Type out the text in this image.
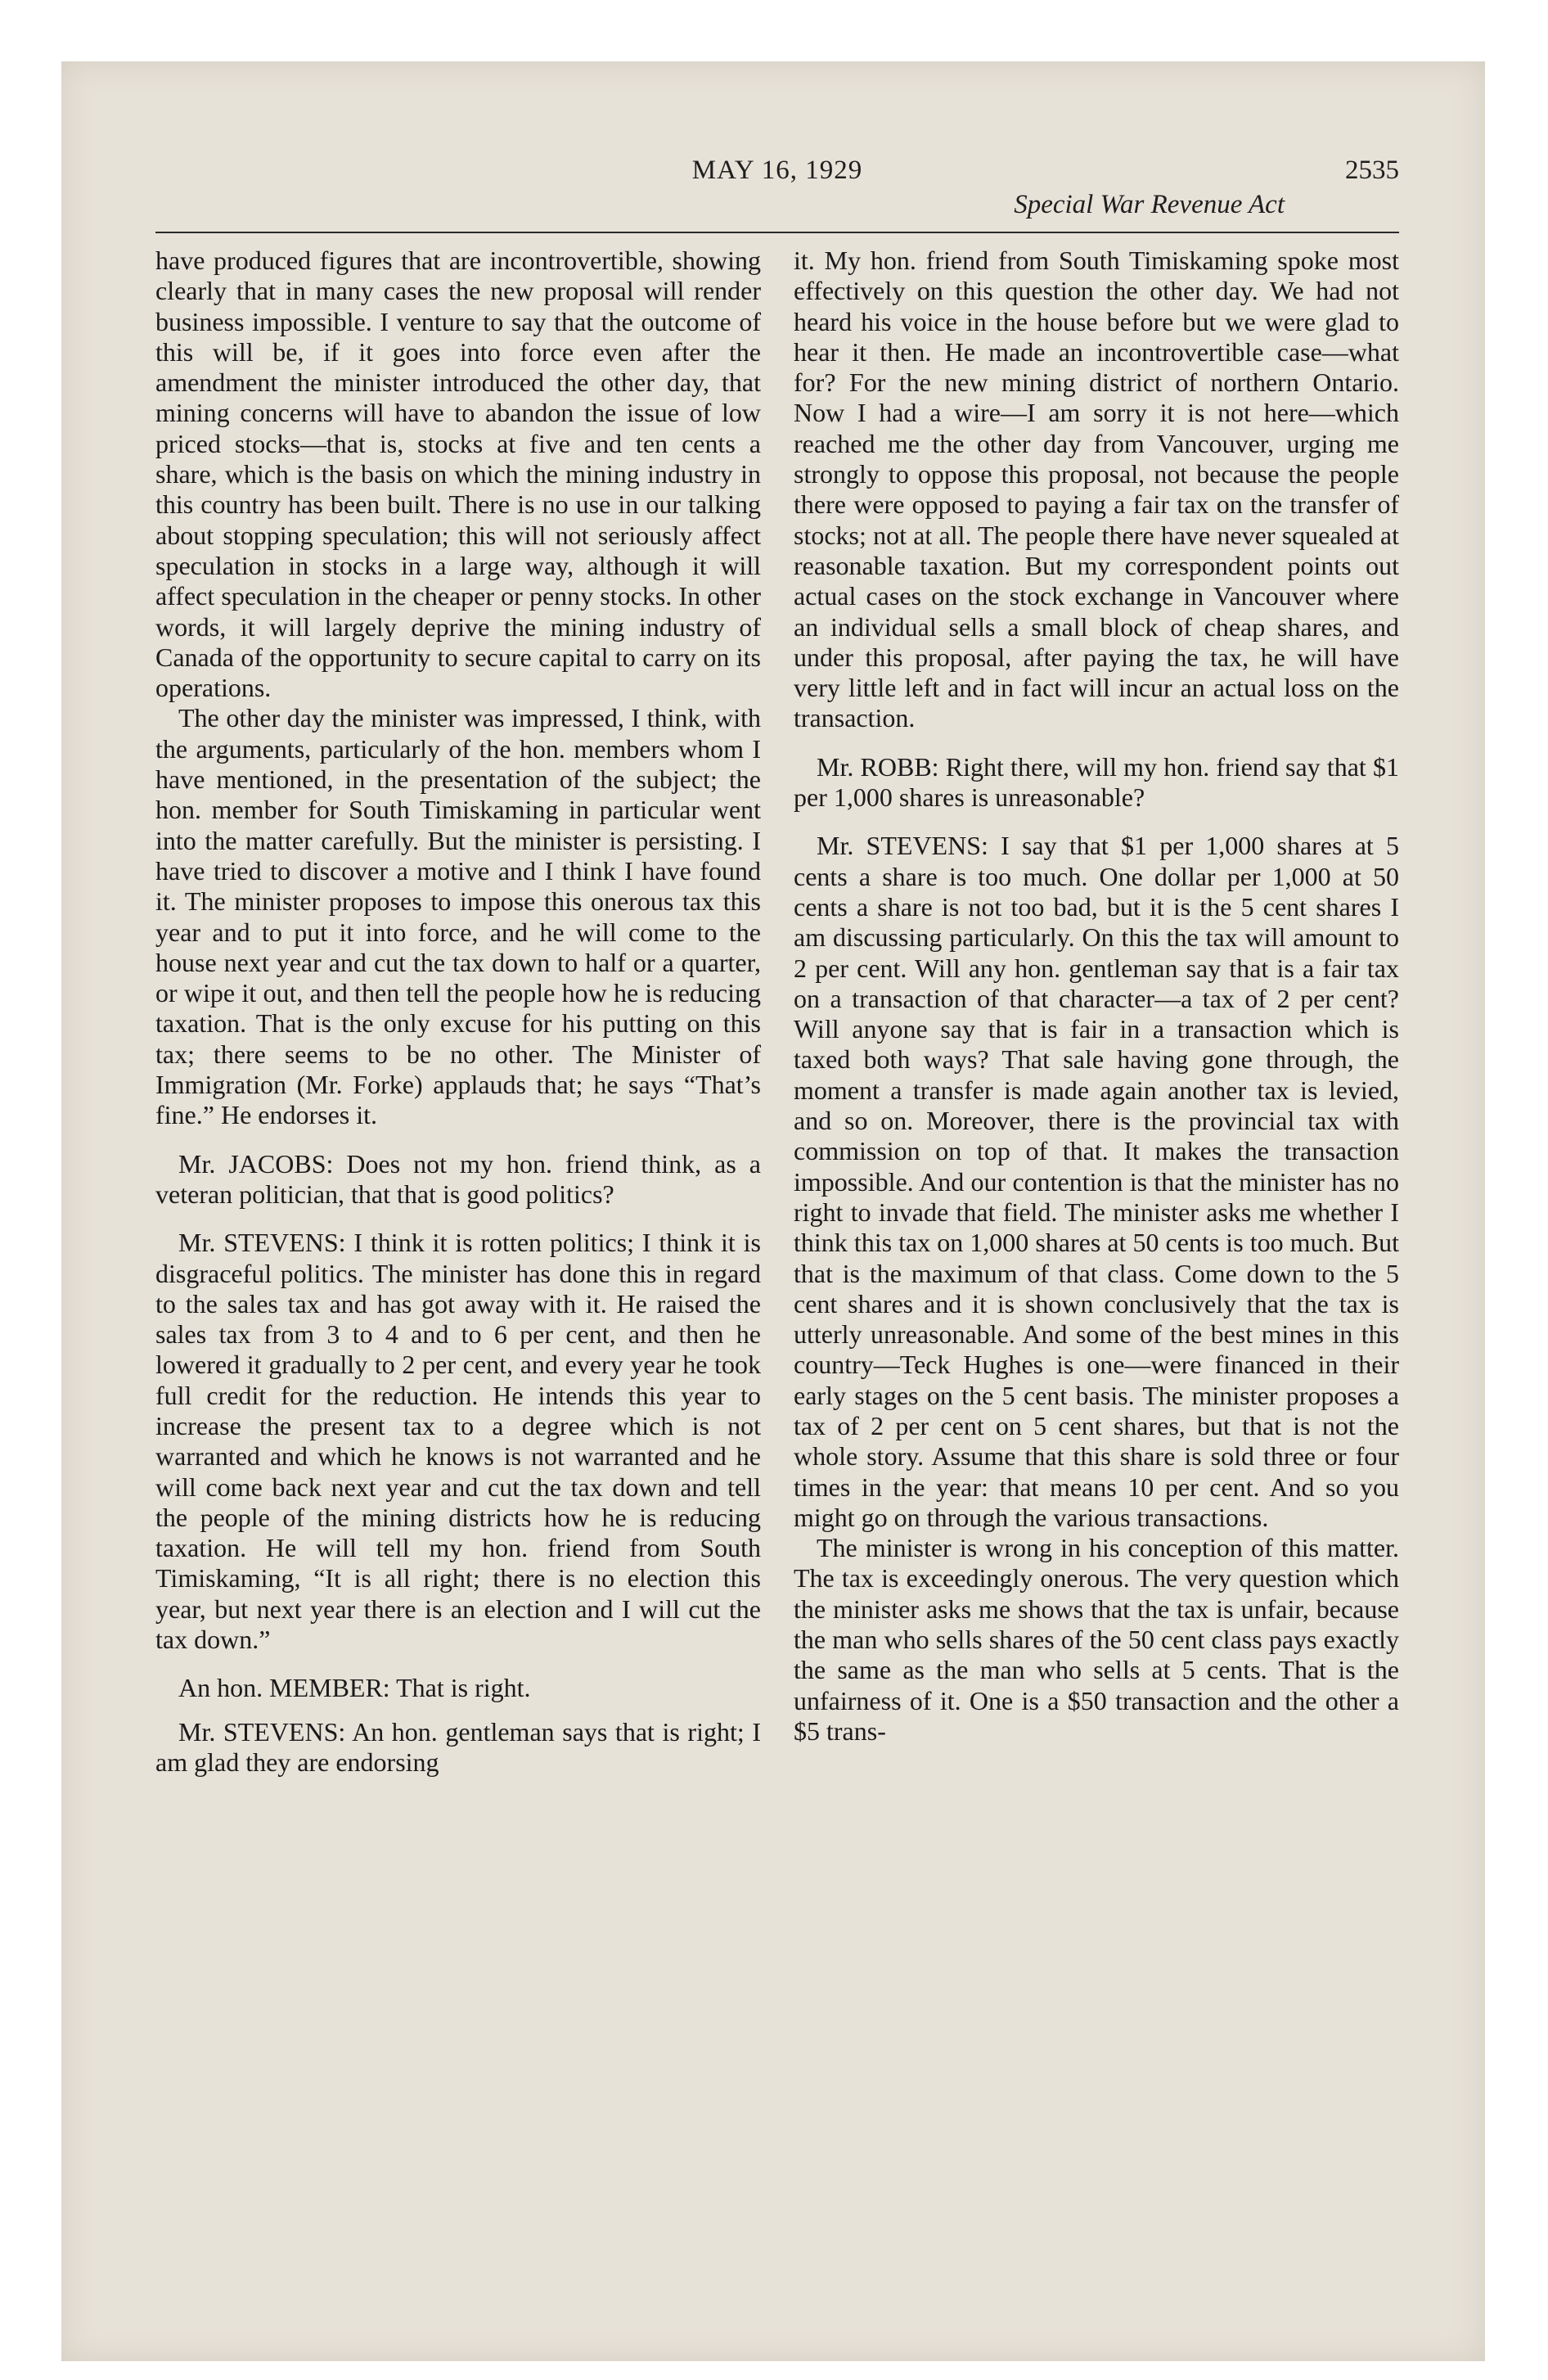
MAY 16, 1929	2535
Special War Revenue Act

have produced figures that are incontrovertible, showing clearly that in many cases the new proposal will render business impossible. I venture to say that the outcome of this will be, if it goes into force even after the amendment the minister introduced the other day, that mining concerns will have to abandon the issue of low priced stocks—that is, stocks at five and ten cents a share, which is the basis on which the mining industry in this country has been built. There is no use in our talking about stopping speculation; this will not seriously affect speculation in stocks in a large way, although it will affect speculation in the cheaper or penny stocks. In other words, it will largely deprive the mining industry of Canada of the opportunity to secure capital to carry on its operations.

The other day the minister was impressed, I think, with the arguments, particularly of the hon. members whom I have mentioned, in the presentation of the subject; the hon. member for South Timiskaming in particular went into the matter carefully. But the minister is persisting. I have tried to discover a motive and I think I have found it. The minister proposes to impose this onerous tax this year and to put it into force, and he will come to the house next year and cut the tax down to half or a quarter, or wipe it out, and then tell the people how he is reducing taxation. That is the only excuse for his putting on this tax; there seems to be no other. The Minister of Immigration (Mr. Forke) applauds that; he says “That’s fine.” He endorses it.

Mr. JACOBS: Does not my hon. friend think, as a veteran politician, that that is good politics?

Mr. STEVENS: I think it is rotten politics; I think it is disgraceful politics. The minister has done this in regard to the sales tax and has got away with it. He raised the sales tax from 3 to 4 and to 6 per cent, and then he lowered it gradually to 2 per cent, and every year he took full credit for the reduction. He intends this year to increase the present tax to a degree which is not warranted and which he knows is not warranted and he will come back next year and cut the tax down and tell the people of the mining districts how he is reducing taxation. He will tell my hon. friend from South Timiskaming, “It is all right; there is no election this year, but next year there is an election and I will cut the tax down.”

An hon. MEMBER: That is right.

Mr. STEVENS: An hon. gentleman says that is right; I am glad they are endorsing

it. My hon. friend from South Timiskaming spoke most effectively on this question the other day. We had not heard his voice in the house before but we were glad to hear it then. He made an incontrovertible case—what for? For the new mining district of northern Ontario. Now I had a wire—I am sorry it is not here—which reached me the other day from Vancouver, urging me strongly to oppose this proposal, not because the people there were opposed to paying a fair tax on the transfer of stocks; not at all. The people there have never squealed at reasonable taxation. But my correspondent points out actual cases on the stock exchange in Vancouver where an individual sells a small block of cheap shares, and under this proposal, after paying the tax, he will have very little left and in fact will incur an actual loss on the transaction.

Mr. ROBB: Right there, will my hon. friend say that $1 per 1,000 shares is unreasonable?

Mr. STEVENS: I say that $1 per 1,000 shares at 5 cents a share is too much. One dollar per 1,000 at 50 cents a share is not too bad, but it is the 5 cent shares I am discussing particularly. On this the tax will amount to 2 per cent. Will any hon. gentleman say that is a fair tax on a transaction of that character—a tax of 2 per cent? Will anyone say that is fair in a transaction which is taxed both ways? That sale having gone through, the moment a transfer is made again another tax is levied, and so on. Moreover, there is the provincial tax with commission on top of that. It makes the transaction impossible. And our contention is that the minister has no right to invade that field. The minister asks me whether I think this tax on 1,000 shares at 50 cents is too much. But that is the maximum of that class. Come down to the 5 cent shares and it is shown conclusively that the tax is utterly unreasonable. And some of the best mines in this country—Teck Hughes is one—were financed in their early stages on the 5 cent basis. The minister proposes a tax of 2 per cent on 5 cent shares, but that is not the whole story. Assume that this share is sold three or four times in the year: that means 10 per cent. And so you might go on through the various transactions.

The minister is wrong in his conception of this matter. The tax is exceedingly onerous. The very question which the minister asks me shows that the tax is unfair, because the man who sells shares of the 50 cent class pays exactly the same as the man who sells at 5 cents. That is the unfairness of it. One is a $50 transaction and the other a $5 trans-
